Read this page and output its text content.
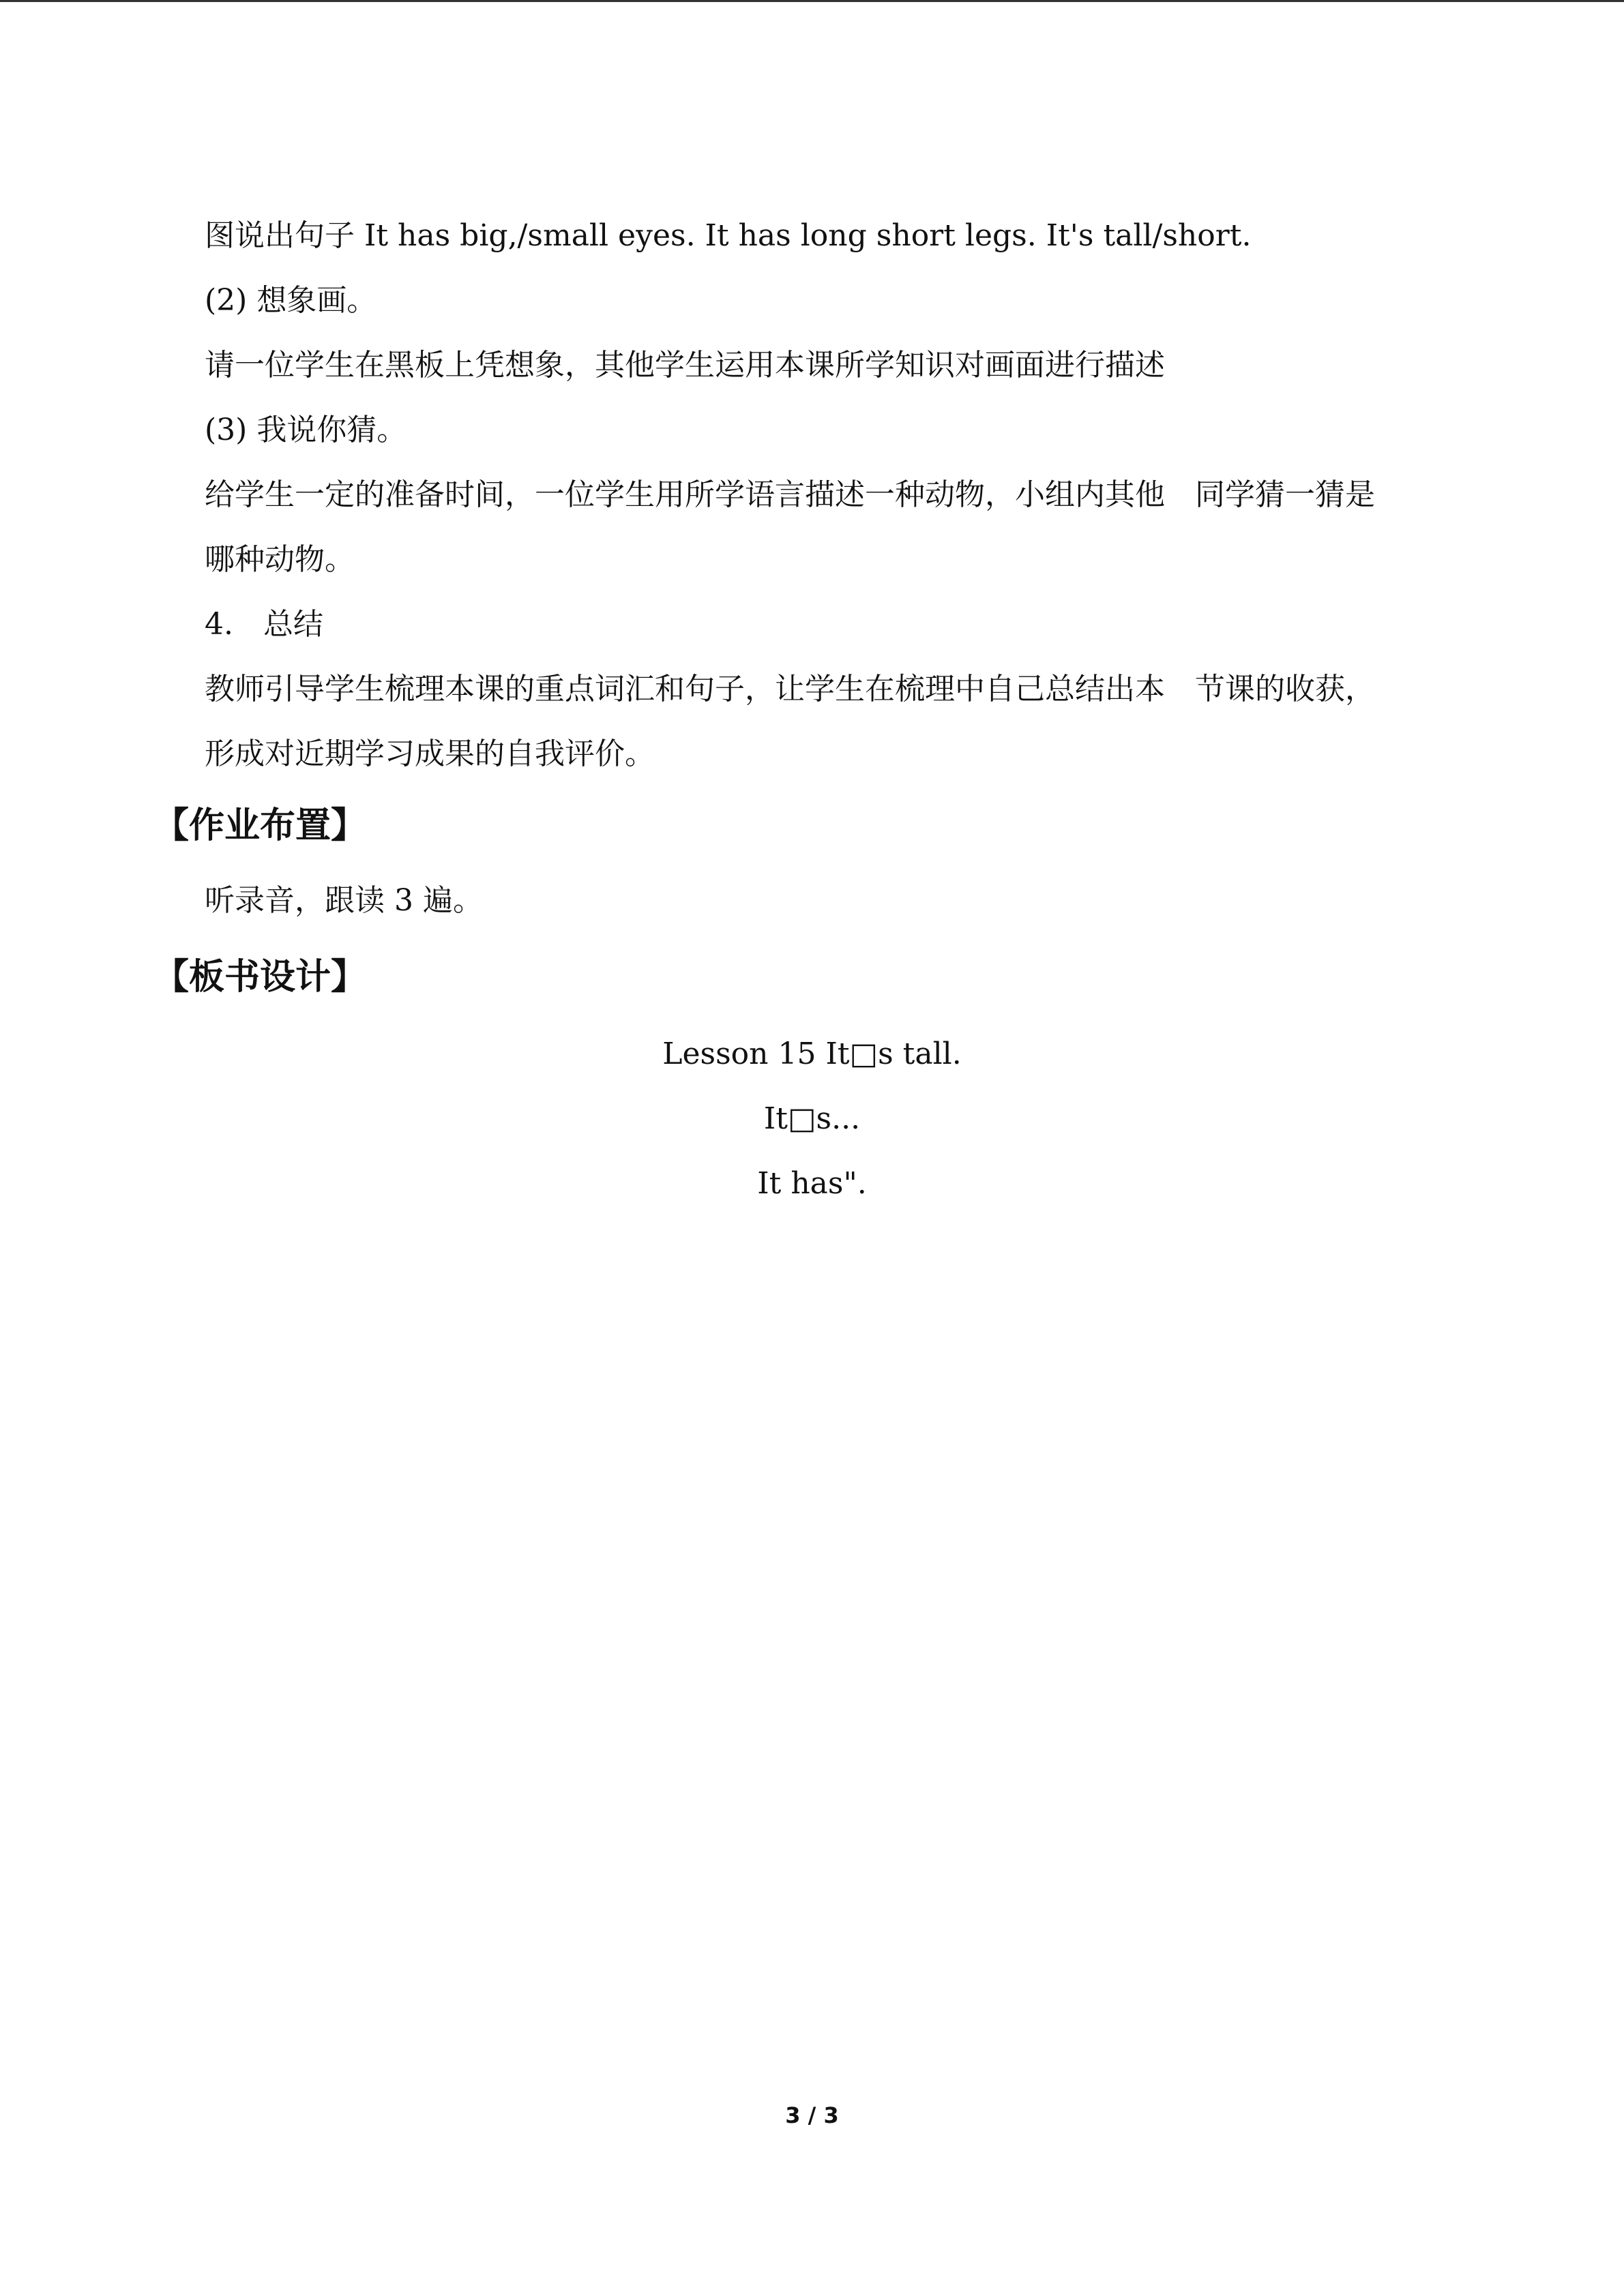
图说出句子 It has big,/small eyes. It has long short legs. It's tall/short.
(2) 想象画。
请一位学生在黑板上凭想象，其他学生运用本课所学知识对画面进行描述
(3) 我说你猜。
给学生一定的准备时间，一位学生用所学语言描述一种动物，小组内其他　同学猜一猜是
哪种动物。
4.　总结
教师引导学生梳理本课的重点词汇和句子，让学生在梳理中自己总结出本　节课的收获，
形成对近期学习成果的自我评价。
【作业布置】
听录音，跟读 3 遍。
【板书设计】
Lesson 15 It□s tall.
It□s...
It has".
3 / 3
